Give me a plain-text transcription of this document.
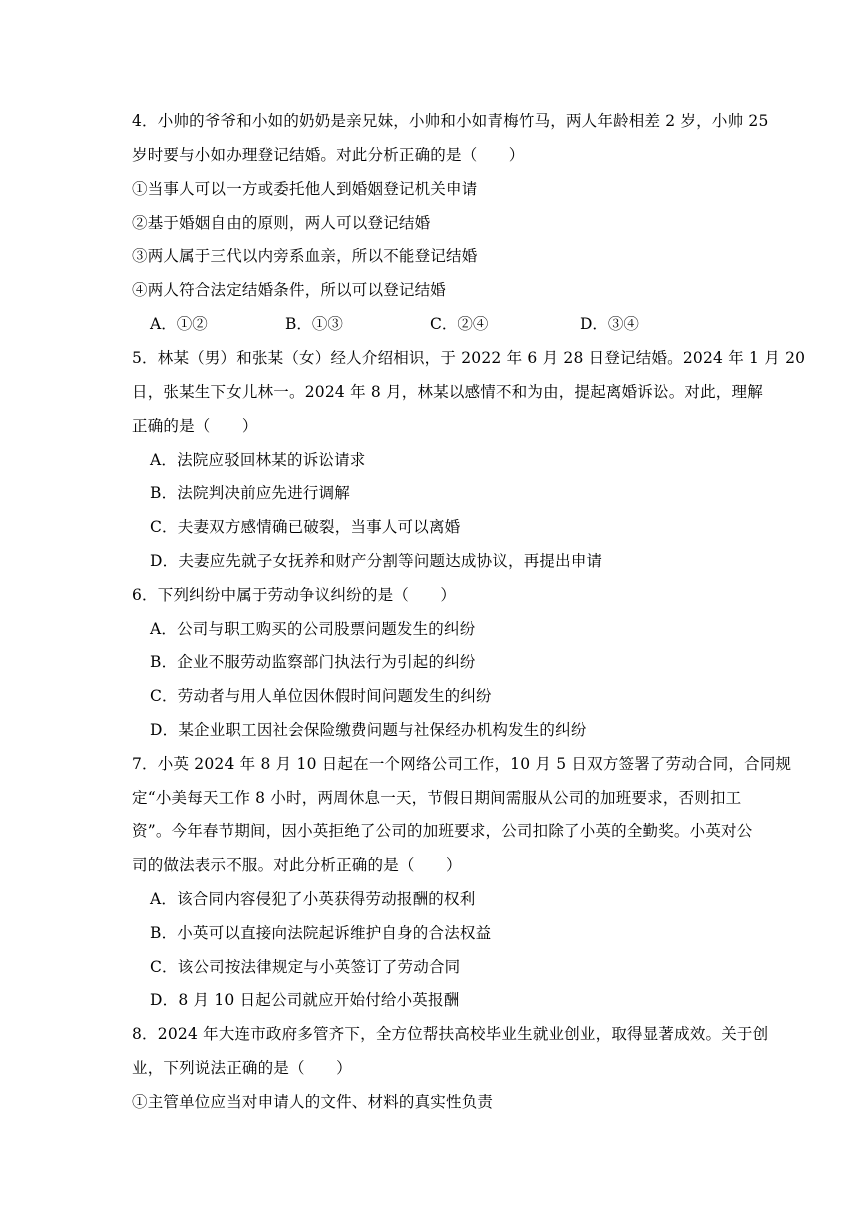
4．小帅的爷爷和小如的奶奶是亲兄妹，小帅和小如青梅竹马，两人年龄相差 2 岁，小帅 25
岁时要与小如办理登记结婚。对此分析正确的是（　　）
①当事人可以一方或委托他人到婚姻登记机关申请
②基于婚姻自由的原则，两人可以登记结婚
③两人属于三代以内旁系血亲，所以不能登记结婚
④两人符合法定结婚条件，所以可以登记结婚
A．①②	B．①③	C．②④	D．③④
5．林某（男）和张某（女）经人介绍相识，于 2022 年 6 月 28 日登记结婚。2024 年 1 月 20
日，张某生下女儿林一。2024 年 8 月，林某以感情不和为由，提起离婚诉讼。对此，理解
正确的是（　　）
A．法院应驳回林某的诉讼请求
B．法院判决前应先进行调解
C．夫妻双方感情确已破裂，当事人可以离婚
D．夫妻应先就子女抚养和财产分割等问题达成协议，再提出申请
6．下列纠纷中属于劳动争议纠纷的是（　　）
A．公司与职工购买的公司股票问题发生的纠纷
B．企业不服劳动监察部门执法行为引起的纠纷
C．劳动者与用人单位因休假时间问题发生的纠纷
D．某企业职工因社会保险缴费问题与社保经办机构发生的纠纷
7．小英 2024 年 8 月 10 日起在一个网络公司工作，10 月 5 日双方签署了劳动合同，合同规
定“小美每天工作 8 小时，两周休息一天，节假日期间需服从公司的加班要求，否则扣工
资”。今年春节期间，因小英拒绝了公司的加班要求，公司扣除了小英的全勤奖。小英对公
司的做法表示不服。对此分析正确的是（　　）
A．该合同内容侵犯了小英获得劳动报酬的权利
B．小英可以直接向法院起诉维护自身的合法权益
C．该公司按法律规定与小英签订了劳动合同
D．8 月 10 日起公司就应开始付给小英报酬
8．2024 年大连市政府多管齐下，全方位帮扶高校毕业生就业创业，取得显著成效。关于创
业，下列说法正确的是（　　）
①主管单位应当对申请人的文件、材料的真实性负责
